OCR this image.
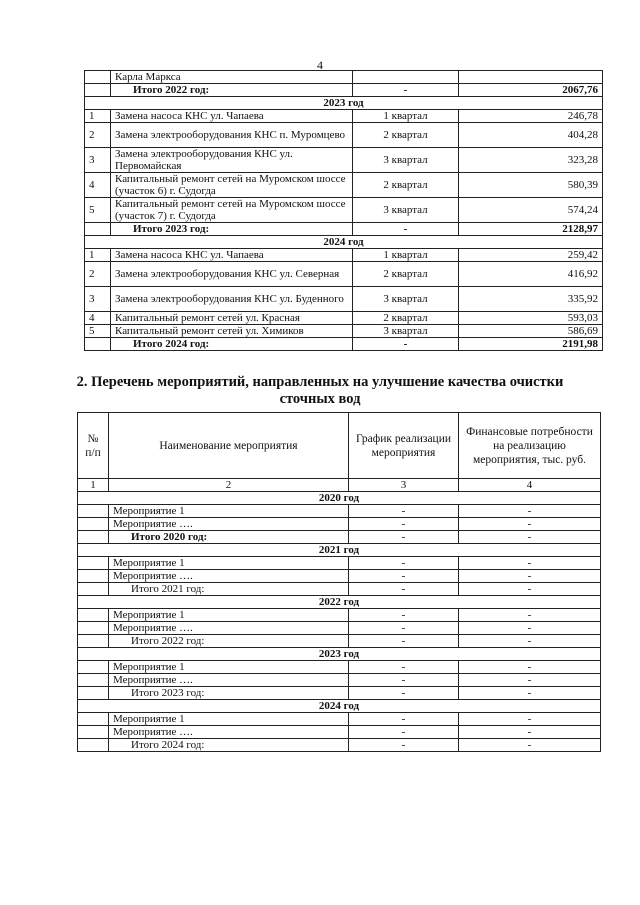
4
	Карла Маркса		
	Итого 2022 год:	-	2067,76
2023 год			
1	Замена насоса КНС ул. Чапаева	1 квартал	246,78
2	Замена электрооборудования КНС п. Муромцево	2 квартал	404,28
3	Замена электрооборудования КНС ул. Первомайская	3 квартал	323,28
4	Капитальный ремонт сетей на Муромском шоссе (участок 6) г. Судогда	2 квартал	580,39
5	Капитальный ремонт сетей на Муромском шоссе (участок 7) г. Судогда	3 квартал	574,24
	Итого 2023 год:	-	2128,97
2024 год			
1	Замена насоса КНС ул. Чапаева	1 квартал	259,42
2	Замена электрооборудования КНС ул. Северная	2 квартал	416,92
3	Замена электрооборудования КНС ул. Буденного	3 квартал	335,92
4	Капитальный ремонт сетей ул. Красная	2 квартал	593,03
5	Капитальный ремонт сетей ул. Химиков	3 квартал	586,69
	Итого 2024 год:	-	2191,98
2. Перечень мероприятий, направленных на улучшение качества очистки сточных вод
№ п/п	Наименование мероприятия	График реализации мероприятия	Финансовые потребности на реализацию мероприятия, тыс. руб.
1	2	3	4
2020 год			
	Мероприятие 1	-	-
	Мероприятие ….	-	-
	Итого 2020 год:	-	-
2021 год			
	Мероприятие 1	-	-
	Мероприятие ….	-	-
	Итого 2021 год:	-	-
2022 год			
	Мероприятие 1	-	-
	Мероприятие ….	-	-
	Итого 2022 год:	-	-
2023 год			
	Мероприятие 1	-	-
	Мероприятие ….	-	-
	Итого 2023 год:	-	-
2024 год			
	Мероприятие 1	-	-
	Мероприятие ….	-	-
	Итого 2024 год:	-	-
